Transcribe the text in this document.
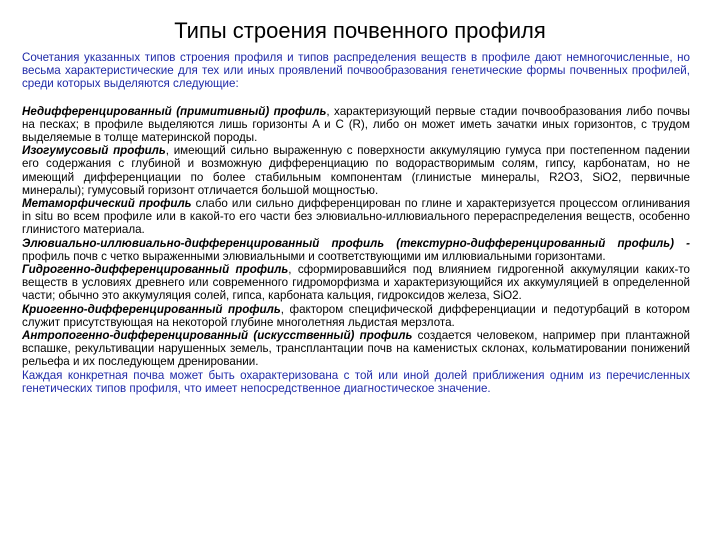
Типы строения почвенного профиля

Сочетания указанных типов строения профиля и типов распределения веществ в профиле дают немногочисленные, но весьма характеристические для тех или иных проявлений почвообразования генетические формы почвенных профилей, среди которых выделяются следующие:

Недифференцированный (примитивный) профиль, характеризующий первые стадии почвообразования либо почвы на песках; в профиле выделяются лишь горизонты A и C (R), либо он может иметь зачатки иных горизонтов, с трудом выделяемые в толще материнской породы.

Изогумусовый профиль, имеющий сильно выраженную с поверхности аккумуляцию гумуса при постепенном падении его содержания с глубиной и возможную дифференциацию по водорастворимым солям, гипсу, карбонатам, но не имеющий дифференциации по более стабильным компонентам (глинистые минералы, R2O3, SiO2, первичные минералы); гумусовый горизонт отличается большой мощностью.

Метаморфический профиль слабо или сильно дифференцирован по глине и характеризуется процессом оглинивания in situ во всем профиле или в какой-то его части без элювиально-иллювиального перераспределения веществ, особенно глинистого материала.

Элювиально-иллювиально-дифференцированный профиль (текстурно-дифференцированный профиль) - профиль почв с четко выраженными элювиальными и соответствующими им иллювиальными горизонтами.

Гидрогенно-дифференцированный профиль, сформировавшийся под влиянием гидрогенной аккумуляции каких-то веществ в условиях древнего или современного гидроморфизма и характеризующийся их аккумуляцией в определенной части; обычно это аккумуляция солей, гипса, карбоната кальция, гидроксидов железа, SiO2.

Криогенно-дифференцированный профиль, фактором специфической дифференциации и педотурбаций в котором служит присутствующая на некоторой глубине многолетняя льдистая мерзлота.

Антропогенно-дифференцированный (искусственный) профиль создается человеком, например при плантажной вспашке, рекультивации нарушенных земель, трансплантации почв на каменистых склонах, кольматировании понижений рельефа и их последующем дренировании.

Каждая конкретная почва может быть охарактеризована с той или иной долей приближения одним из перечисленных генетических типов профиля, что имеет непосредственное диагностическое значение.
